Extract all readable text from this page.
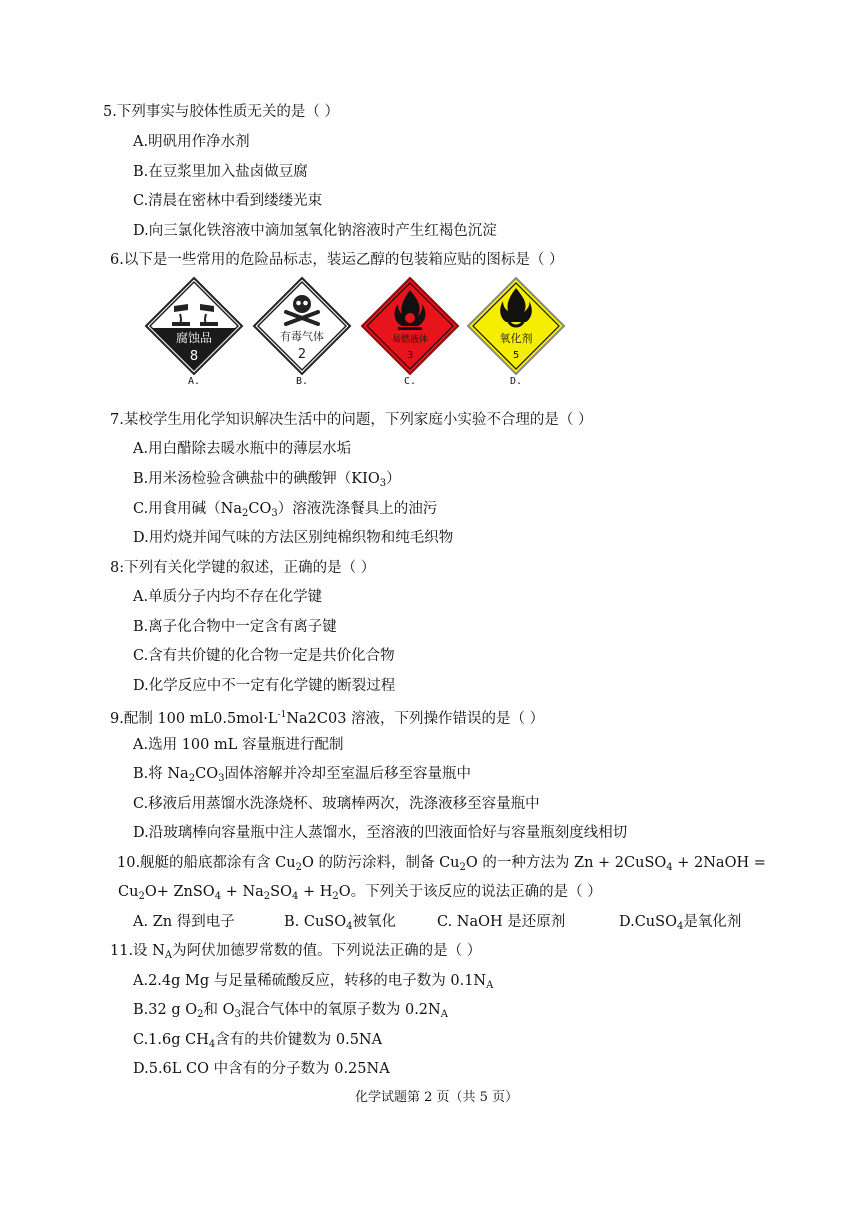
5.下列事实与胶体性质无关的是（ ）
A.明矾用作净水剂
B.在豆浆里加入盐卤做豆腐
C.清晨在密林中看到缕缕光束
D.向三氯化铁溶液中滴加氢氧化钠溶液时产生红褐色沉淀
6.以下是一些常用的危险品标志，装运乙醇的包装箱应贴的图标是（ ）
腐蚀品
8
A.
有毒气体
2
B.
易燃液体
3
C.
氧化剂
5
D.
7.某校学生用化学知识解决生活中的问题，下列家庭小实验不合理的是（ ）
A.用白醋除去暖水瓶中的薄层水垢
B.用米汤检验含碘盐中的碘酸钾$(KIO_3)$
C.用食用碱$(Na_2CO_3)$溶液洗涤餐具上的油污
D.用灼烧并闻气味的方法区别纯棉织物和纯毛织物
8:下列有关化学键的叙述，正确的是（ ）
A.单质分子内均不存在化学键
B.离子化合物中一定含有离子键
C.含有共价键的化合物一定是共价化合物
D.化学反应中不一定有化学键的断裂过程
9.配制 100 $mL0.5mol\cdot L^{-1}Na2C03$ 溶液，下列操作错误的是（ ）
A.选用 100 mL 容量瓶进行配制
B.将 $Na_2CO_3$固体溶解并冷却至室温后移至容量瓶中
C.移液后用蒸馏水洗涤烧杯、玻璃棒两次，洗涤液移至容量瓶中
D.沿玻璃棒向容量瓶中注人蒸馏水，至溶液的凹液面恰好与容量瓶刻度线相切
10.舰艇的船底都涂有含 $Cu_2O$ 的防污涂料，制备 $Cu_2O$ 的一种方法为 Zn + 2CuSO$_4$ + 2NaOH =
$Cu_2O+$ ZnSO$_4$ + $Na_2SO_4 + H_2O$。下列关于该反应的说法正确的是（ ）
A. Zn 得到电子	B. CuSO$_4$被氧化	C. NaOH 是还原剂	D.CuSO$_4$是氧化剂
11.设 $N_A$为阿伏加德罗常数的值。下列说法正确的是（ ）
A.2.4g Mg 与足量稀硫酸反应，转移的电子数为 $0.1N_A$
B.32 g $O_2$和 $O_3$混合气体中的氧原子数为 $0.2N_A$
C.1.6g $CH_4$含有的共价键数为 0.5NA
D.5.6L CO 中含有的分子数为 0.25NA
化学试题第 2 页（共 5 页）
